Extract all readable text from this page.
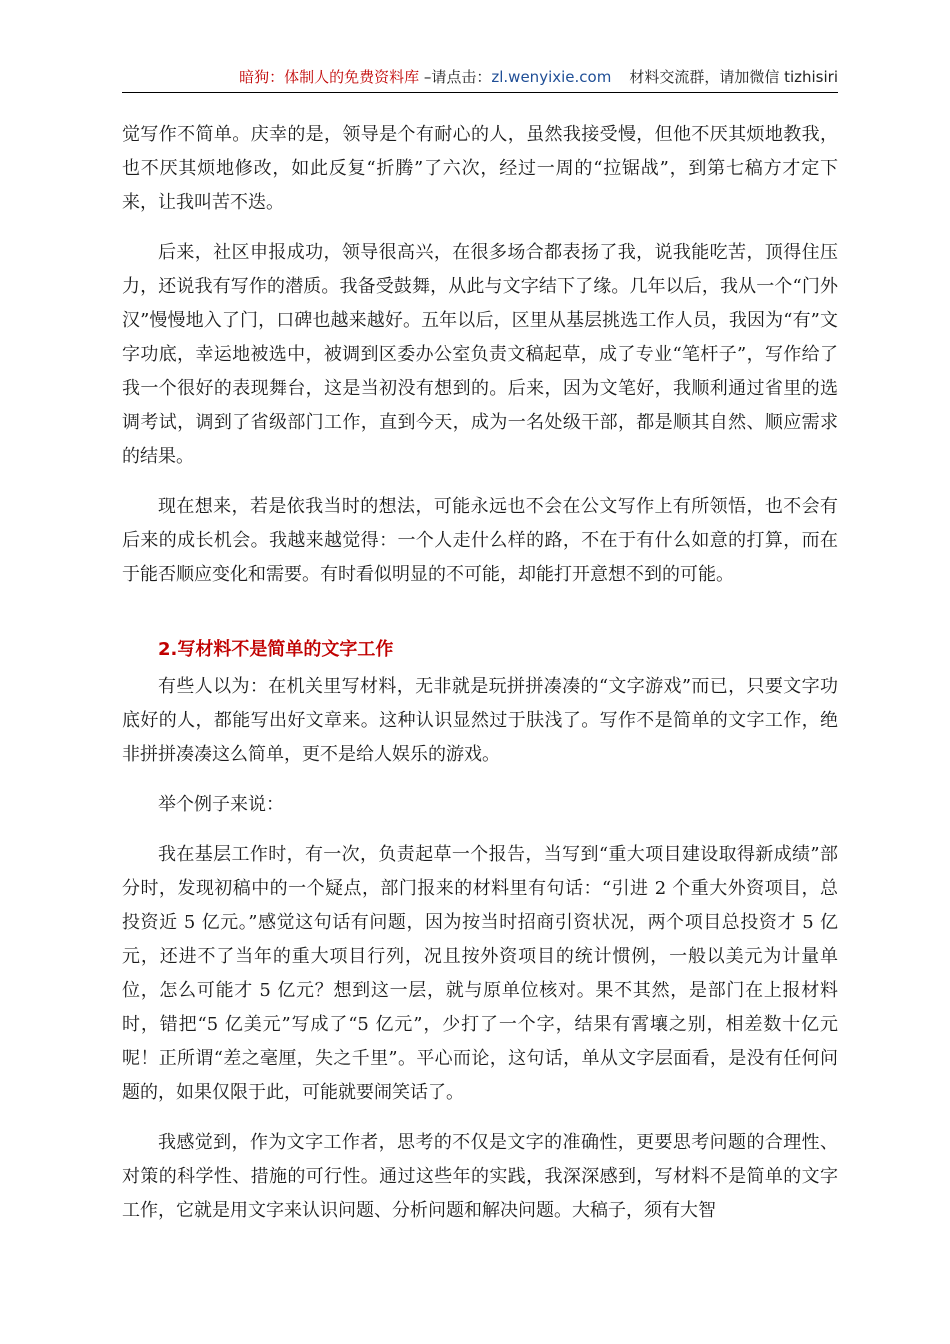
暗狗：体制人的免费资料库 –请点击：zl.wenyixie.com 材料交流群，请加微信 tizhisiri

觉写作不简单。庆幸的是，领导是个有耐心的人，虽然我接受慢，但他不厌其烦地教我，也不厌其烦地修改，如此反复“折腾”了六次，经过一周的“拉锯战”，到第七稿方才定下来，让我叫苦不迭。

后来，社区申报成功，领导很高兴，在很多场合都表扬了我，说我能吃苦，顶得住压力，还说我有写作的潜质。我备受鼓舞，从此与文字结下了缘。几年以后，我从一个“门外汉”慢慢地入了门，口碑也越来越好。五年以后，区里从基层挑选工作人员，我因为“有”文字功底，幸运地被选中，被调到区委办公室负责文稿起草，成了专业“笔杆子”，写作给了我一个很好的表现舞台，这是当初没有想到的。后来，因为文笔好，我顺利通过省里的选调考试，调到了省级部门工作，直到今天，成为一名处级干部，都是顺其自然、顺应需求的结果。

现在想来，若是依我当时的想法，可能永远也不会在公文写作上有所领悟，也不会有后来的成长机会。我越来越觉得：一个人走什么样的路，不在于有什么如意的打算，而在于能否顺应变化和需要。有时看似明显的不可能，却能打开意想不到的可能。

2.写材料不是简单的文字工作

有些人以为：在机关里写材料，无非就是玩拼拼凑凑的“文字游戏”而已，只要文字功底好的人，都能写出好文章来。这种认识显然过于肤浅了。写作不是简单的文字工作，绝非拼拼凑凑这么简单，更不是给人娱乐的游戏。

举个例子来说：

我在基层工作时，有一次，负责起草一个报告，当写到“重大项目建设取得新成绩”部分时，发现初稿中的一个疑点，部门报来的材料里有句话：“引进 2 个重大外资项目，总投资近 5 亿元。”感觉这句话有问题，因为按当时招商引资状况，两个项目总投资才 5 亿元，还进不了当年的重大项目行列，况且按外资项目的统计惯例，一般以美元为计量单位，怎么可能才 5 亿元？想到这一层，就与原单位核对。果不其然，是部门在上报材料时，错把“5 亿美元”写成了“5 亿元”，少打了一个字，结果有霄壤之别，相差数十亿元呢！正所谓“差之毫厘，失之千里”。平心而论，这句话，单从文字层面看，是没有任何问题的，如果仅限于此，可能就要闹笑话了。

我感觉到，作为文字工作者，思考的不仅是文字的准确性，更要思考问题的合理性、对策的科学性、措施的可行性。通过这些年的实践，我深深感到，写材料不是简单的文字工作，它就是用文字来认识问题、分析问题和解决问题。大稿子，须有大智
